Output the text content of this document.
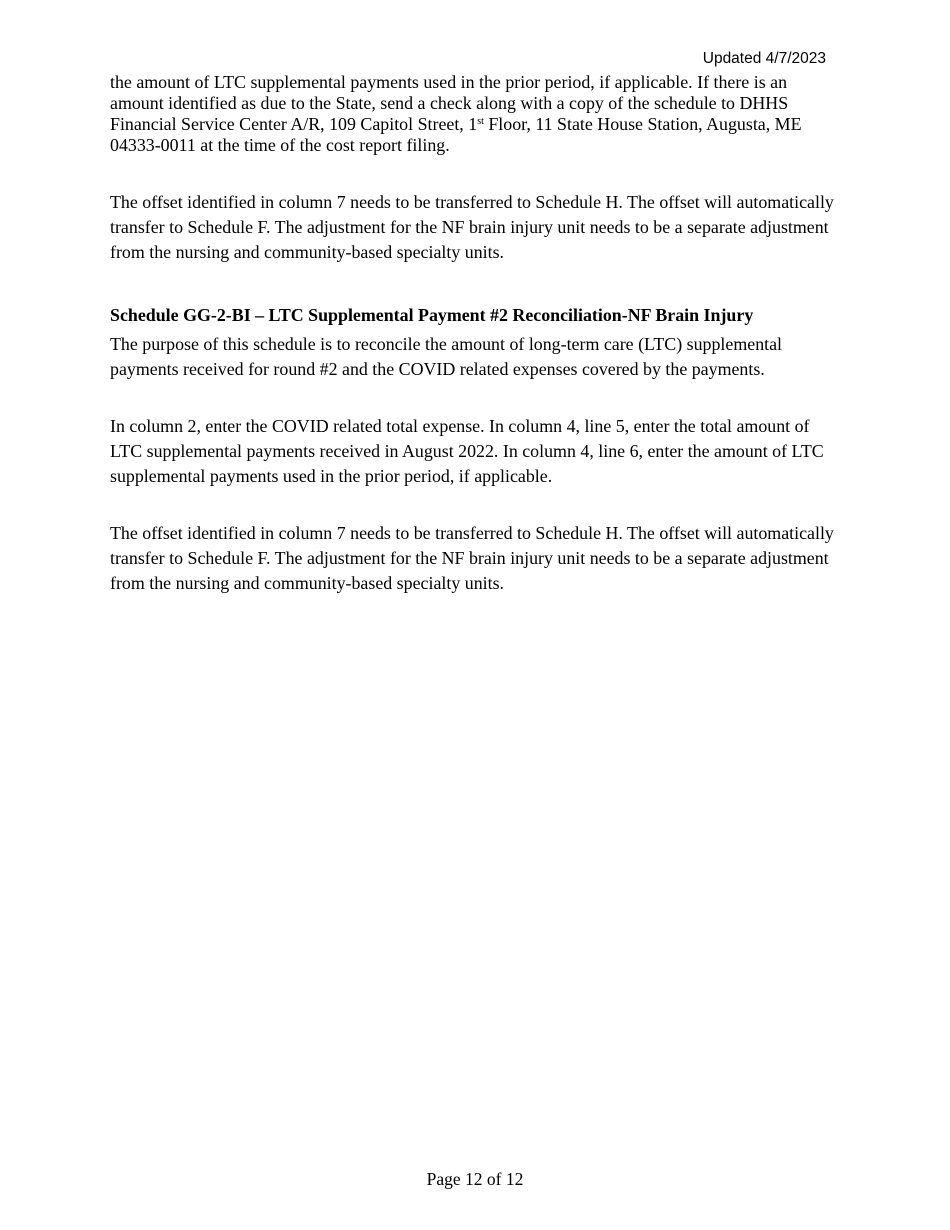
Updated 4/7/2023

the amount of LTC supplemental payments used in the prior period, if applicable. If there is an amount identified as due to the State, send a check along with a copy of the schedule to DHHS Financial Service Center A/R, 109 Capitol Street, 1st Floor, 11 State House Station, Augusta, ME 04333-0011 at the time of the cost report filing.

The offset identified in column 7 needs to be transferred to Schedule H. The offset will automatically transfer to Schedule F. The adjustment for the NF brain injury unit needs to be a separate adjustment from the nursing and community-based specialty units.

Schedule GG-2-BI – LTC Supplemental Payment #2 Reconciliation-NF Brain Injury

The purpose of this schedule is to reconcile the amount of long-term care (LTC) supplemental payments received for round #2 and the COVID related expenses covered by the payments.

In column 2, enter the COVID related total expense. In column 4, line 5, enter the total amount of LTC supplemental payments received in August 2022. In column 4, line 6, enter the amount of LTC supplemental payments used in the prior period, if applicable.

The offset identified in column 7 needs to be transferred to Schedule H. The offset will automatically transfer to Schedule F. The adjustment for the NF brain injury unit needs to be a separate adjustment from the nursing and community-based specialty units.

Page 12 of 12
